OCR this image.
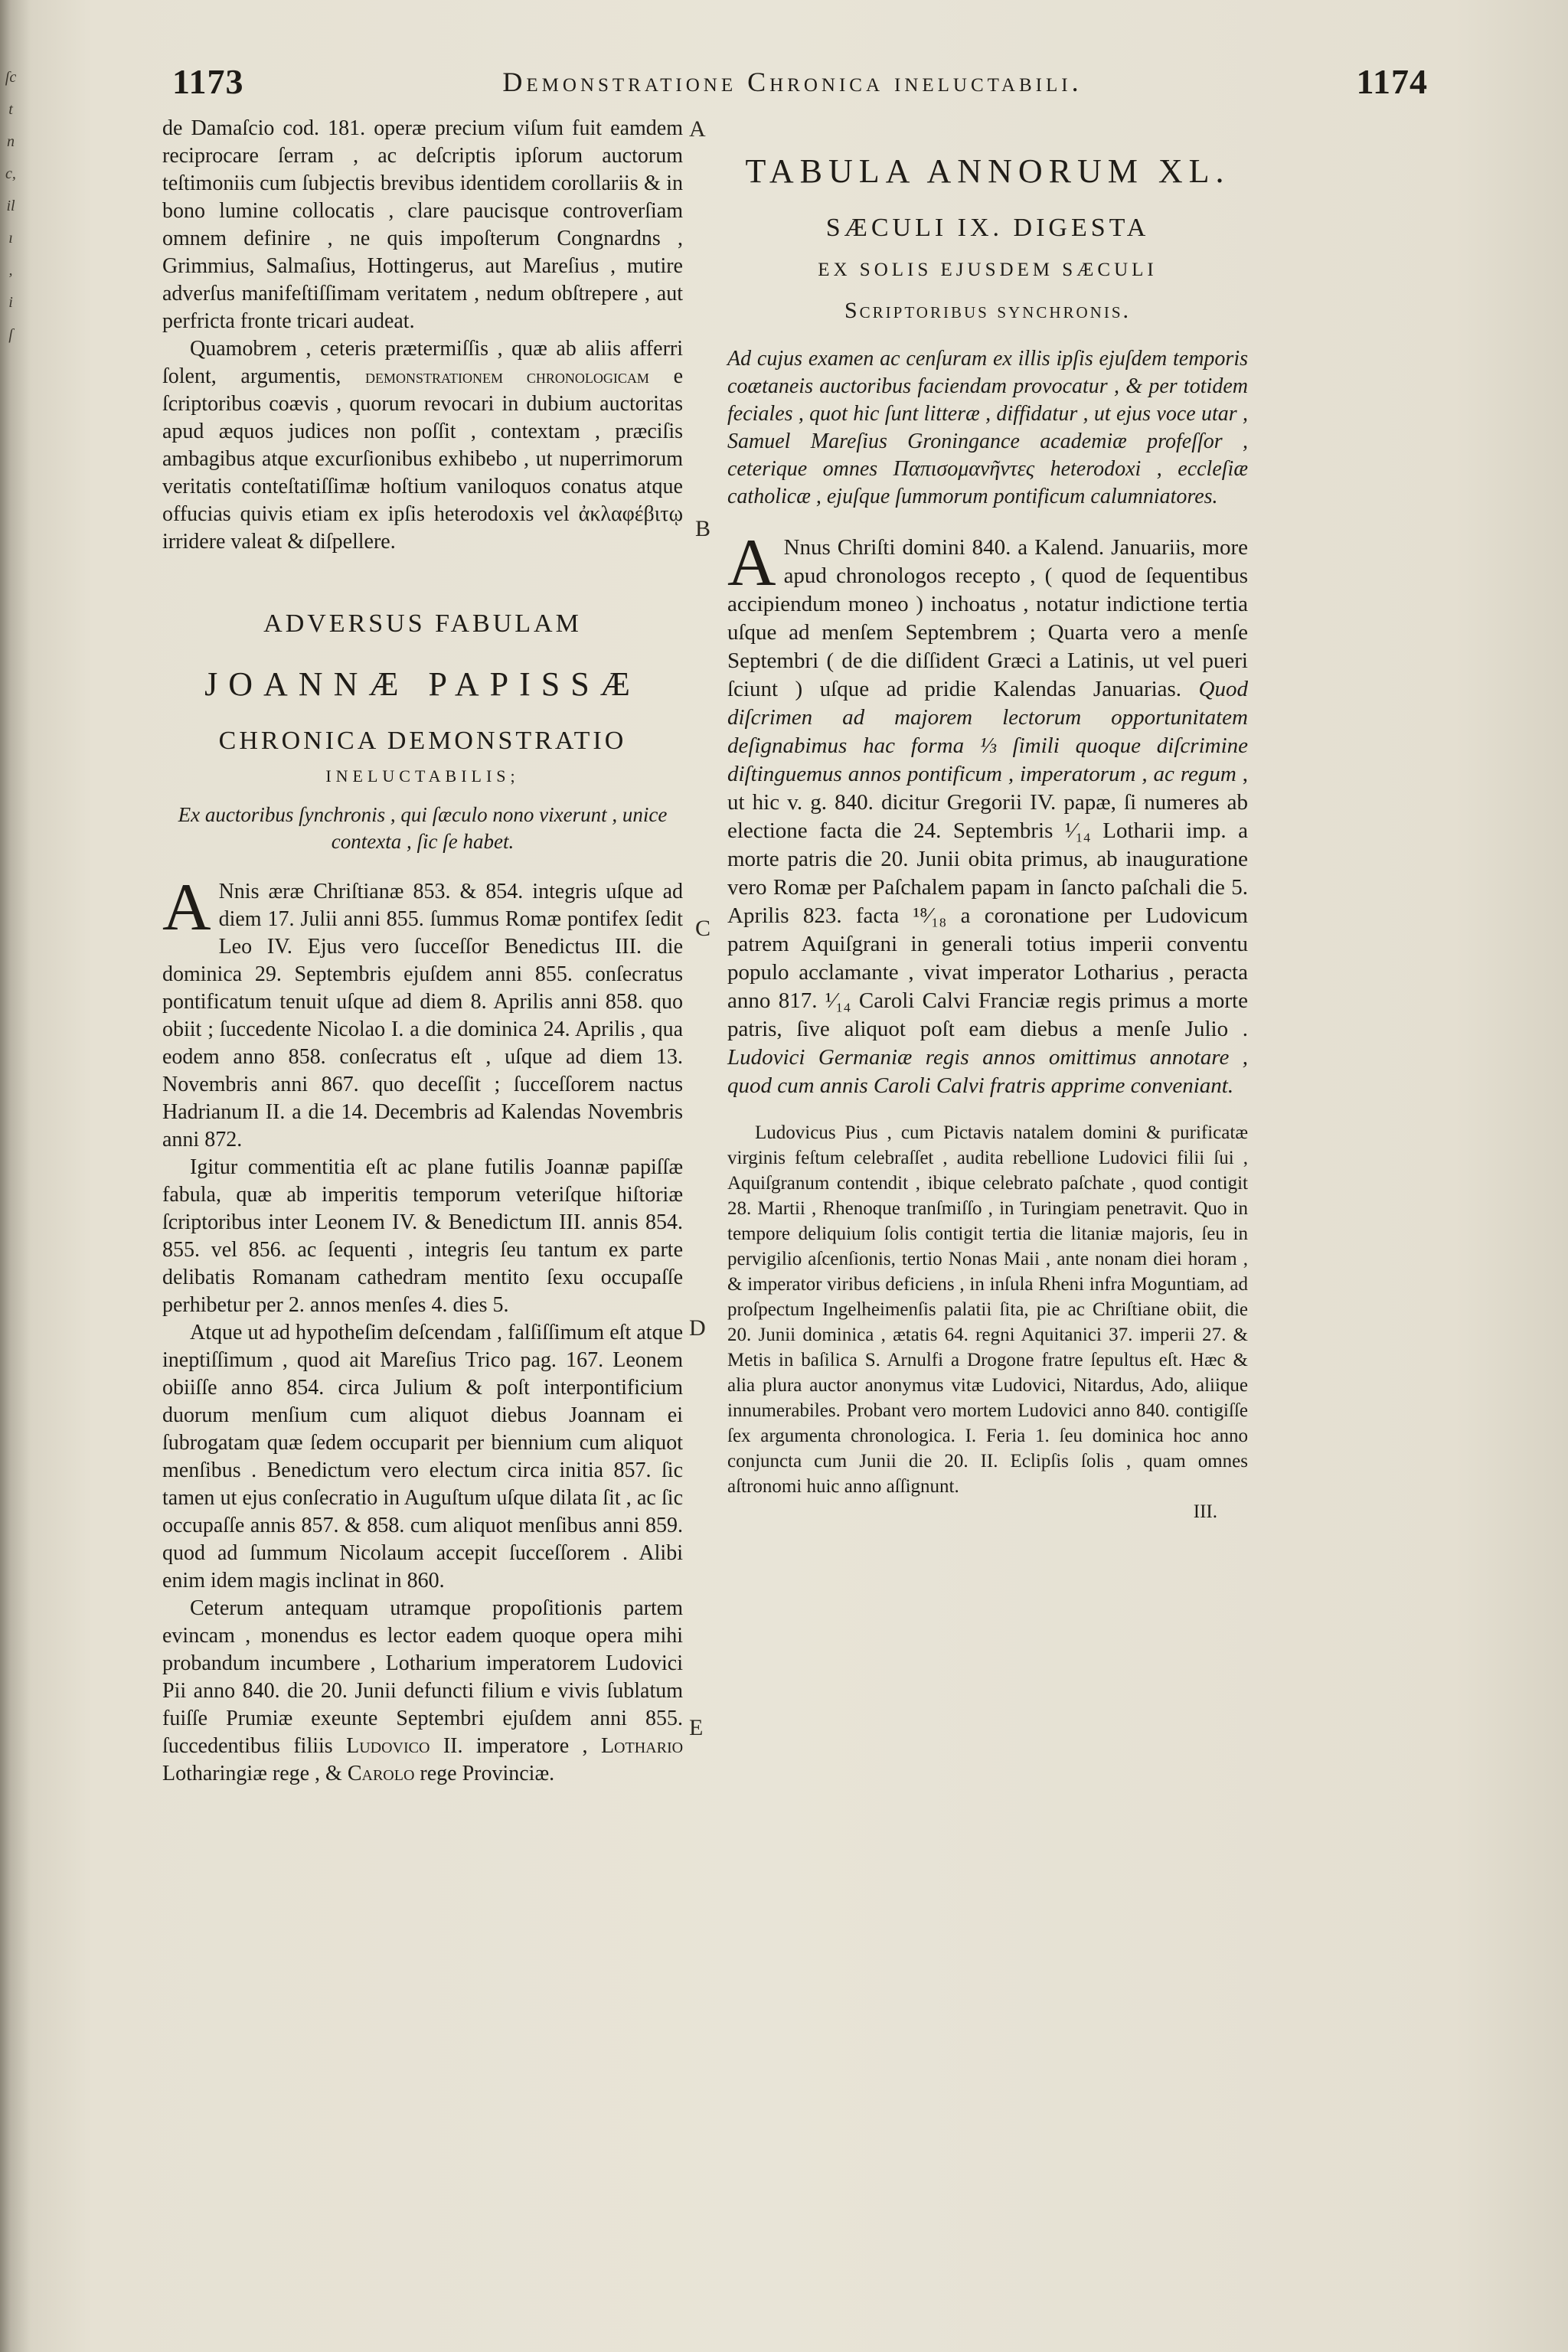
ſc
t
n
c,
il
ı
,
i
ſ
1173	Demonstratione Chronica ineluctabili.	1174
A
B
C
D
E

de Damaſcio cod. 181. operæ precium viſum fuit eamdem reciprocare ſerram , ac deſcriptis ipſorum auctorum teſtimoniis cum ſubjectis brevibus identidem corollariis & in bono lumine collocatis , clare paucisque controverſiam omnem definire , ne quis impoſterum Congnardns , Grimmius, Salmaſius, Hottingerus, aut Mareſius , mutire adverſus manifeſtiſſimam veritatem , nedum obſtrepere , aut perfricta fronte tricari audeat.

Quamobrem , ceteris prætermiſſis , quæ ab aliis afferri ſolent, argumentis, demonstrationem chronologicam e ſcriptoribus coævis , quorum revocari in dubium auctoritas apud æquos judices non poſſit , contextam , præciſis ambagibus atque excurſionibus exhibebo , ut nuperrimorum veritatis conteſtatiſſimæ hoſtium vaniloquos conatus atque offucias quivis etiam ex ipſis heterodoxis vel ἀκλαφέβιτῳ irridere valeat & diſpellere.

ADVERSUS FABULAM
JOANNÆ PAPISSÆ
CHRONICA DEMONSTRATIO
INELUCTABILIS;
Ex auctoribus ſynchronis , qui ſæculo nono vixerunt , unice contexta , ſic ſe habet.

A Nnis æræ Chriſtianæ 853. & 854. integris uſque ad diem 17. Julii anni 855. ſummus Romæ pontifex ſedit Leo IV. Ejus vero ſucceſſor Benedictus III. die dominica 29. Septembris ejuſdem anni 855. conſecratus pontificatum tenuit uſque ad diem 8. Aprilis anni 858. quo obiit ; ſuccedente Nicolao I. a die dominica 24. Aprilis , qua eodem anno 858. conſecratus eſt , uſque ad diem 13. Novembris anni 867. quo deceſſit ; ſucceſſorem nactus Hadrianum II. a die 14. Decembris ad Kalendas Novembris anni 872.

Igitur commentitia eſt ac plane futilis Joannæ papiſſæ fabula, quæ ab imperitis temporum veteriſque hiſtoriæ ſcriptoribus inter Leonem IV. & Benedictum III. annis 854. 855. vel 856. ac ſequenti , integris ſeu tantum ex parte delibatis Romanam cathedram mentito ſexu occupaſſe perhibetur per 2. annos menſes 4. dies 5.

Atque ut ad hypotheſim deſcendam , falſiſſimum eſt atque ineptiſſimum , quod ait Mareſius Trico pag. 167. Leonem obiiſſe anno 854. circa Julium & poſt interpontificium duorum menſium cum aliquot diebus Joannam ei ſubrogatam quæ ſedem occuparit per biennium cum aliquot menſibus . Benedictum vero electum circa initia 857. ſic tamen ut ejus conſecratio in Auguſtum uſque dilata ſit , ac ſic occupaſſe annis 857. & 858. cum aliquot menſibus anni 859. quod ad ſummum Nicolaum accepit ſucceſſorem . Alibi enim idem magis inclinat in 860.

Ceterum antequam utramque propoſitionis partem evincam , monendus es lector eadem quoque opera mihi probandum incumbere , Lotharium imperatorem Ludovici Pii anno 840. die 20. Junii defuncti filium e vivis ſublatum fuiſſe Prumiæ exeunte Septembri ejuſdem anni 855. ſuccedentibus filiis Ludovico II. imperatore , Lothario Lotharingiæ rege , & Carolo rege Provinciæ.

TABULA ANNORUM XL.
SÆCULI IX. DIGESTA
EX SOLIS EJUSDEM SÆCULI
Scriptoribus synchronis.

Ad cujus examen ac cenſuram ex illis ipſis ejuſdem temporis coætaneis auctoribus faciendam provocatur , & per totidem feciales , quot hic ſunt litteræ , diffidatur , ut ejus voce utar , Samuel Mareſius Groningance academiæ profeſſor , ceterique omnes Παπισομανῆντες heterodoxi , eccleſiæ catholicæ , ejuſque ſummorum pontificum calumniatores.

A Nnus Chriſti domini 840. a Kalend. Januariis, more apud chronologos recepto , ( quod de ſequentibus accipiendum moneo ) inchoatus , notatur indictione tertia uſque ad menſem Septembrem ; Quarta vero a menſe Septembri ( de die diſſident Græci a Latinis, ut vel pueri ſciunt ) uſque ad pridie Kalendas Januarias. Quod diſcrimen ad majorem lectorum opportunitatem deſignabimus hac forma ⅓ ſimili quoque diſcrimine diſtinguemus annos pontificum , imperatorum , ac regum , ut hic v. g. 840. dicitur Gregorii IV. papæ, ſi numeres ab electione facta die 24. Septembris ¹⁄₁₄ Lotharii imp. a morte patris die 20. Junii obita primus, ab inauguratione vero Romæ per Paſchalem papam in ſancto paſchali die 5. Aprilis 823. facta ¹⁸⁄₁₈ a coronatione per Ludovicum patrem Aquiſgrani in generali totius imperii conventu populo acclamante , vivat imperator Lotharius , peracta anno 817. ¹⁄₁₄ Caroli Calvi Franciæ regis primus a morte patris, ſive aliquot poſt eam diebus a menſe Julio . Ludovici Germaniæ regis annos omittimus annotare , quod cum annis Caroli Calvi fratris apprime conveniant.

Ludovicus Pius , cum Pictavis natalem domini & purificatæ virginis feſtum celebraſſet , audita rebellione Ludovici filii ſui , Aquiſgranum contendit , ibique celebrato paſchate , quod contigit 28. Martii , Rhenoque tranſmiſſo , in Turingiam penetravit. Quo in tempore deliquium ſolis contigit tertia die litaniæ majoris, ſeu in pervigilio aſcenſionis, tertio Nonas Maii , ante nonam diei horam , & imperator viribus deficiens , in inſula Rheni infra Moguntiam, ad proſpectum Ingelheimenſis palatii ſita, pie ac Chriſtiane obiit, die 20. Junii dominica , ætatis 64. regni Aquitanici 37. imperii 27. & Metis in baſilica S. Arnulfi a Drogone fratre ſepultus eſt. Hæc & alia plura auctor anonymus vitæ Ludovici, Nitardus, Ado, aliique innumerabiles. Probant vero mortem Ludovici anno 840. contigiſſe ſex argumenta chronologica. I. Feria 1. ſeu dominica hoc anno conjuncta cum Junii die 20. II. Eclipſis ſolis , quam omnes aſtronomi huic anno aſſignunt.

III.
